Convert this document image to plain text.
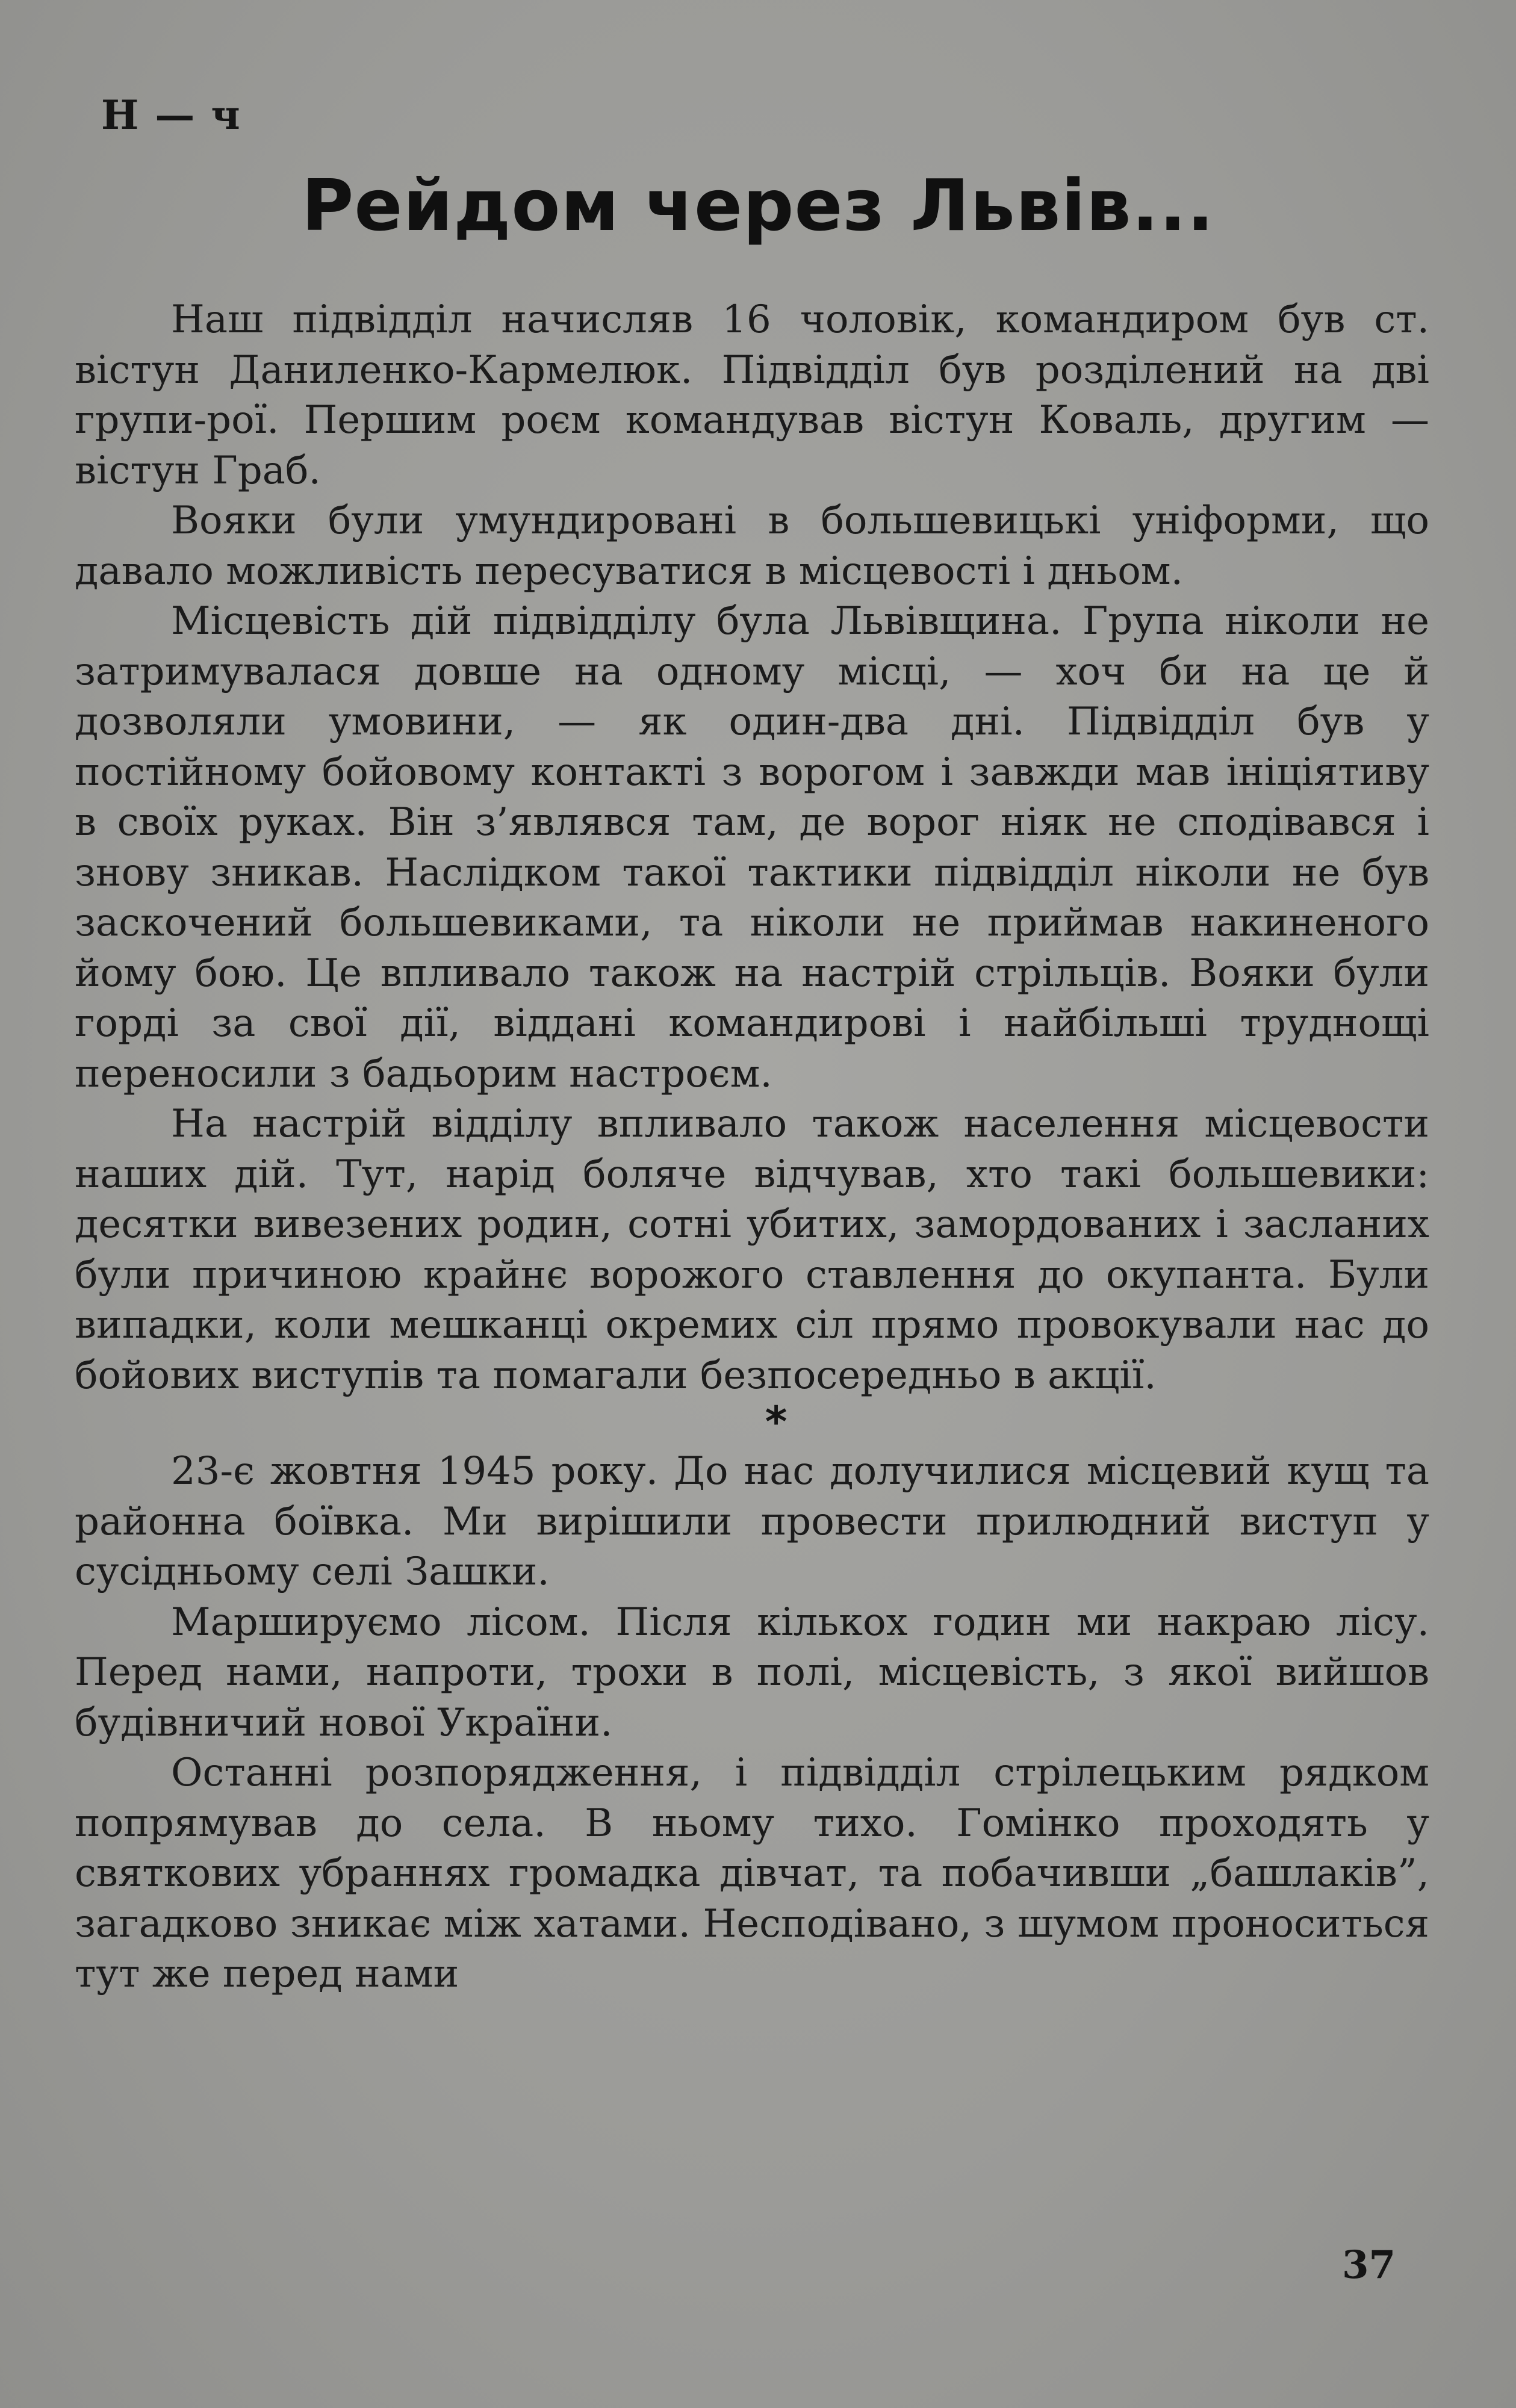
Н — ч
Рейдом через Львів...

Наш підвідділ начисляв 16 чоловік, командиром був ст. вістун Даниленко-Кармелюк. Підвідділ був розділений на дві групи-рої. Першим роєм командував вістун Коваль, другим — вістун Граб.

Вояки були умундировані в большевицькі уніформи, що давало можливість пересуватися в місцевості і дньом.

Місцевість дій підвідділу була Львівщина. Група ніколи не затримувалася довше на одному місці, — хоч би на це й дозволяли умовини, — як один-два дні. Підвідділ був у постійному бойовому контакті з ворогом і завжди мав ініціятиву в своїх руках. Він з’являвся там, де ворог ніяк не сподівався і знову зникав. Наслідком такої тактики підвідділ ніколи не був заскочений большевиками, та ніколи не приймав накиненого йому бою. Це впливало також на настрій стрільців. Вояки були горді за свої дії, віддані командирові і найбільші труднощі переносили з бадьорим настроєм.

На настрій відділу впливало також населення місцевости наших дій. Тут, нарід боляче відчував, хто такі большевики: десятки вивезених родин, сотні убитих, замордованих і засланих були причиною крайнє ворожого ставлення до окупанта. Були випадки, коли мешканці окремих сіл прямо провокували нас до бойових виступів та помагали безпосередньо в акції.

*

23-є жовтня 1945 року. До нас долучилися місцевий кущ та районна боївка. Ми вирішили провести прилюдний виступ у сусідньому селі Зашки.

Маршируємо лісом. Після кількох годин ми накраю лісу. Перед нами, напроти, трохи в полі, місцевість, з якої вийшов будівничий нової України.

Останні розпорядження, і підвідділ стрілецьким рядком попрямував до села. В ньому тихо. Гомінко проходять у святкових убраннях громадка дівчат, та побачивши „башлаків”, загадково зникає між хатами. Несподівано, з шумом проноситься тут же перед нами

37
